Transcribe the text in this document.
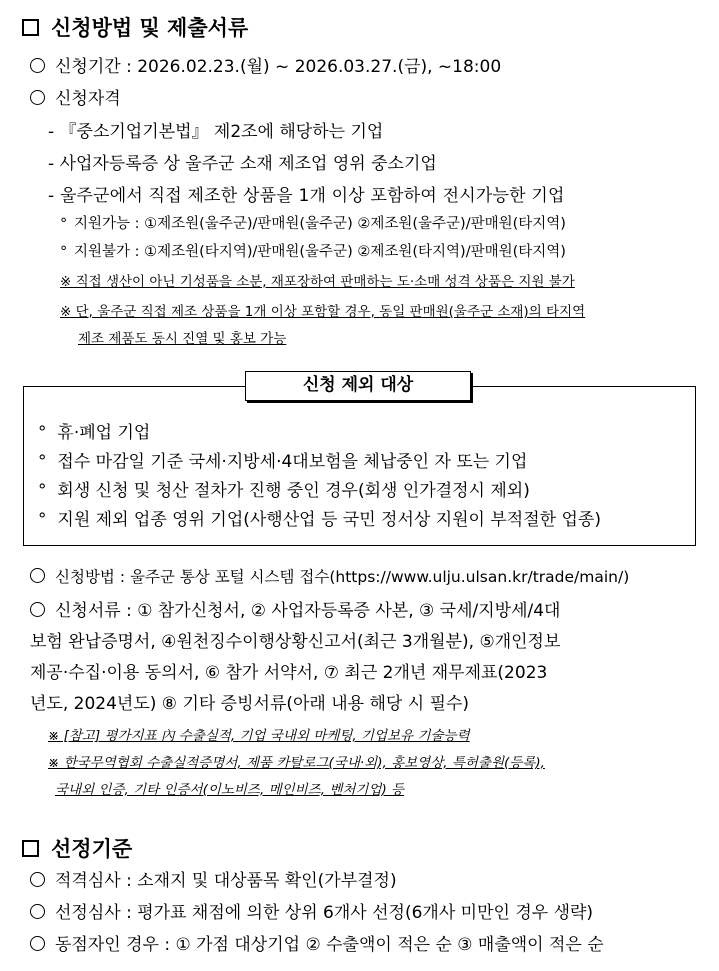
신청방법 및 제출서류
신청기간 : 2026.02.23.(월) ~ 2026.03.27.(금), ~18:00
신청자격
- 『중소기업기본법』 제2조에 해당하는 기업
- 사업자등록증 상 울주군 소재 제조업 영위 중소기업
- 울주군에서 직접 제조한 상품을 1개 이상 포함하여 전시가능한 기업
° 지원가능 : ①제조원(울주군)/판매원(울주군) ②제조원(울주군)/판매원(타지역)
° 지원불가 : ①제조원(타지역)/판매원(울주군) ②제조원(타지역)/판매원(타지역)
※ 직접 생산이 아닌 기성품을 소분, 재포장하여 판매하는 도·소매 성격 상품은 지원 불가
※ 단, 울주군 직접 제조 상품을 1개 이상 포함할 경우, 동일 판매원(울주군 소재)의 타지역
제조 제품도 동시 진열 및 홍보 가능
신청 제외 대상
° 휴·폐업 기업
° 접수 마감일 기준 국세·지방세·4대보험을 체납중인 자 또는 기업
° 회생 신청 및 청산 절차가 진행 중인 경우(회생 인가결정시 제외)
° 지원 제외 업종 영위 기업(사행산업 등 국민 정서상 지원이 부적절한 업종)
신청방법 : 울주군 통상 포털 시스템 접수(https://www.ulju.ulsan.kr/trade/main/)
신청서류 : ① 참가신청서, ② 사업자등록증 사본, ③ 국세/지방세/4대
보험 완납증명서, ④원천징수이행상황신고서(최근 3개월분), ⑤개인정보
제공·수집·이용 동의서, ⑥ 참가 서약서, ⑦ 최근 2개년 재무제표(2023
년도, 2024년도) ⑧ 기타 증빙서류(아래 내용 해당 시 필수)
※ [참고] 평가지표 內 수출실적, 기업 국내외 마케팅, 기업보유 기술능력
※ 한국무역협회 수출실적증명서, 제품 카탈로그(국내·외), 홍보영상, 특허출원(등록),
국내외 인증, 기타 인증서(이노비즈, 메인비즈, 벤처기업) 등
선정기준
적격심사 : 소재지 및 대상품목 확인(가부결정)
선정심사 : 평가표 채점에 의한 상위 6개사 선정(6개사 미만인 경우 생략)
동점자인 경우 : ① 가점 대상기업 ② 수출액이 적은 순 ③ 매출액이 적은 순
